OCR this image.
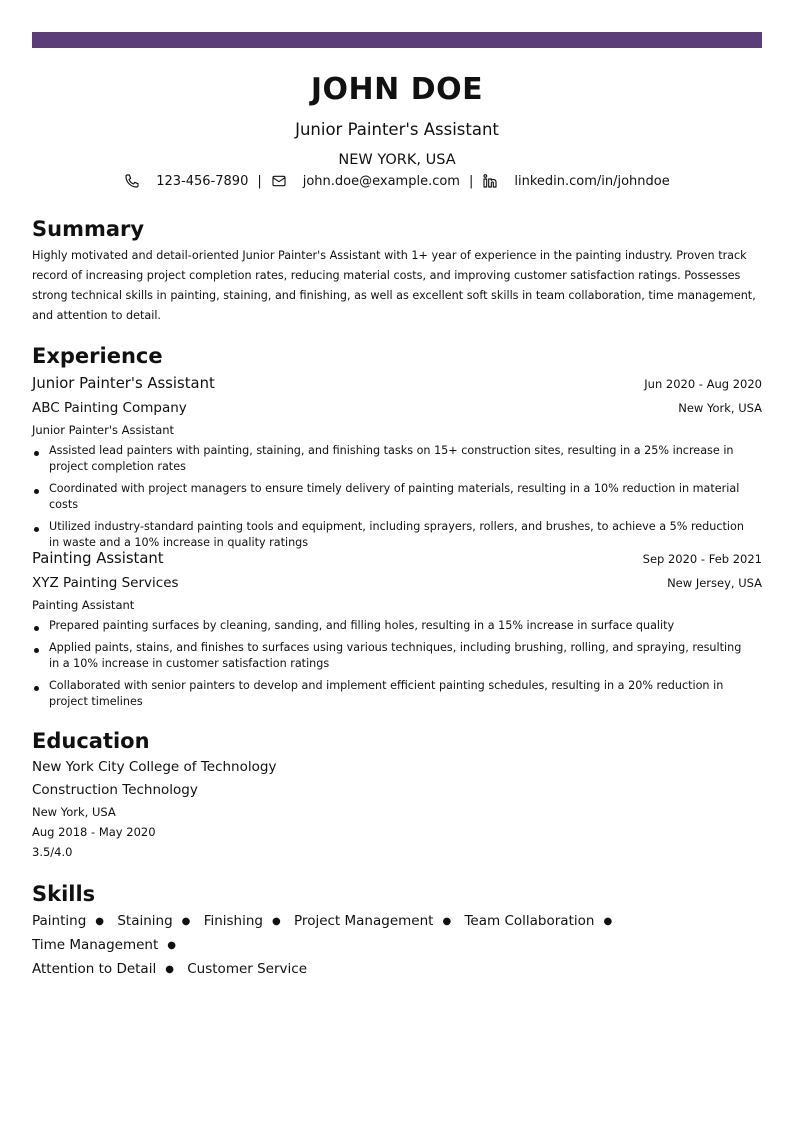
JOHN DOE
Junior Painter's Assistant
NEW YORK, USA
123-456-7890 |	john.doe@example.com |	linkedin.com/in/johndoe
Summary
Highly motivated and detail-oriented Junior Painter's Assistant with 1+ year of experience in the painting industry. Proven track record of increasing project completion rates, reducing material costs, and improving customer satisfaction ratings. Possesses strong technical skills in painting, staining, and finishing, as well as excellent soft skills in team collaboration, time management, and attention to detail.
Experience
Junior Painter's Assistant	Jun 2020 - Aug 2020
ABC Painting Company	New York, USA
Junior Painter's Assistant
Assisted lead painters with painting, staining, and finishing tasks on 15+ construction sites, resulting in a 25% increase in project completion rates
Coordinated with project managers to ensure timely delivery of painting materials, resulting in a 10% reduction in material costs
Utilized industry-standard painting tools and equipment, including sprayers, rollers, and brushes, to achieve a 5% reduction in waste and a 10% increase in quality ratings
Painting Assistant	Sep 2020 - Feb 2021
XYZ Painting Services	New Jersey, USA
Painting Assistant
Prepared painting surfaces by cleaning, sanding, and filling holes, resulting in a 15% increase in surface quality
Applied paints, stains, and finishes to surfaces using various techniques, including brushing, rolling, and spraying, resulting in a 10% increase in customer satisfaction ratings
Collaborated with senior painters to develop and implement efficient painting schedules, resulting in a 20% reduction in project timelines
Education
New York City College of Technology
Construction Technology
New York, USA
Aug 2018 - May 2020
3.5/4.0
Skills
Painting ● Staining ● Finishing ● Project Management ● Team Collaboration ● Time Management ●
Attention to Detail ● Customer Service
